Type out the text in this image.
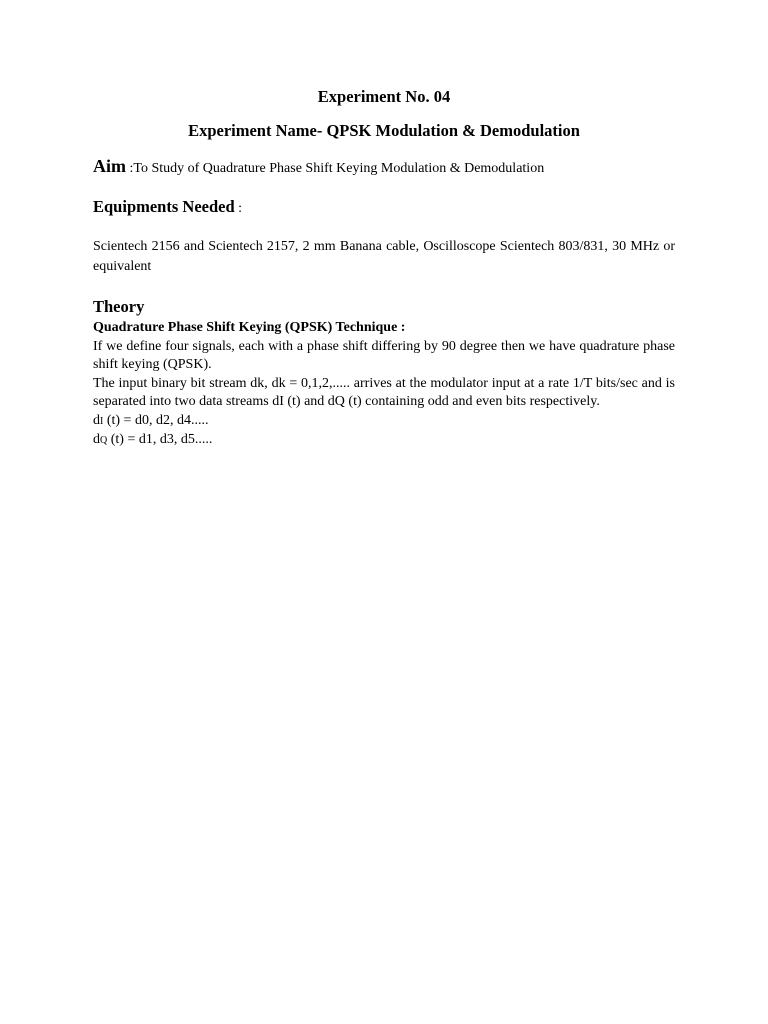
Experiment No. 04
Experiment Name- QPSK Modulation & Demodulation
Aim :To Study of Quadrature Phase Shift Keying Modulation & Demodulation
Equipments Needed :
Scientech 2156 and Scientech 2157, 2 mm Banana cable, Oscilloscope Scientech 803/831, 30 MHz or equivalent
Theory
Quadrature Phase Shift Keying (QPSK) Technique :
If we define four signals, each with a phase shift differing by 90 degree then we have quadrature phase shift keying (QPSK).
The input binary bit stream dk, dk = 0,1,2,..... arrives at the modulator input at a rate 1/T bits/sec and is separated into two data streams dI (t) and dQ (t) containing odd and even bits respectively.
dI (t) = d0, d2, d4.....
dQ (t) = d1, d3, d5.....
